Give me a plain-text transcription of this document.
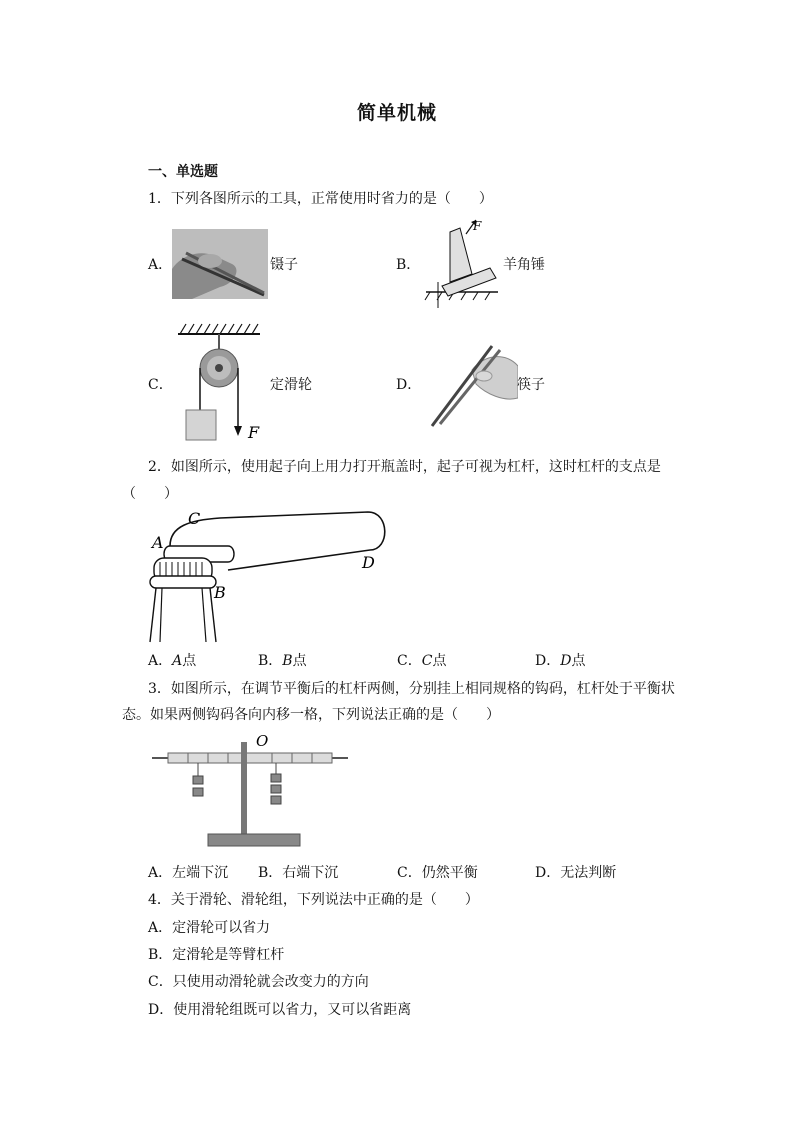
简单机械
一、单选题
1．下列各图所示的工具，正常使用时省力的是（　　）
A．	镊子	B．
F
羊角锤
C．
F
定滑轮	D．	筷子
2．如图所示，使用起子向上用力打开瓶盖时，起子可视为杠杆，这时杠杆的支点是
（　　）
A
C
B
D
A．A点	B．B点	C．C点	D．D点
3．如图所示，在调节平衡后的杠杆两侧，分别挂上相同规格的钩码，杠杆处于平衡状
态。如果两侧钩码各向内移一格，下列说法正确的是（　　）
O
A．左端下沉 B．右端下沉	C．仍然平衡	D．无法判断
4．关于滑轮、滑轮组，下列说法中正确的是（　　）
A．定滑轮可以省力
B．定滑轮是等臂杠杆
C．只使用动滑轮就会改变力的方向
D．使用滑轮组既可以省力，又可以省距离
